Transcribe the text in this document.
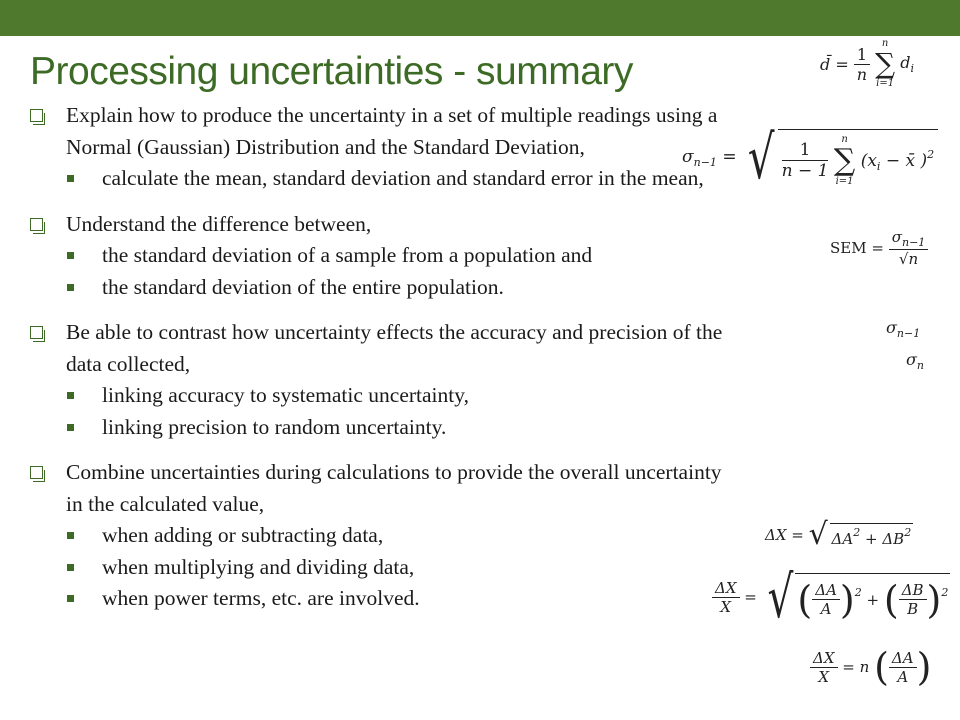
Processing uncertainties - summary
Explain how to produce the uncertainty in a set of multiple readings using a Normal (Gaussian) Distribution and the Standard Deviation,
calculate the mean, standard deviation and standard error in the mean,
Understand the difference between,
the standard deviation of a sample from a population and
the standard deviation of the entire population.
Be able to contrast how uncertainty effects the accuracy and precision of the data collected,
linking accuracy to systematic uncertainty,
linking precision to random uncertainty.
Combine uncertainties during calculations to provide the overall uncertainty in the calculated value,
when adding or subtracting data,
when multiplying and dividing data,
when power terms, etc. are involved.
d̄ = $\frac{1}{n}$

n
∑
i=1
$d_i$
$\sigma_{n-1}$ = √ $\frac{1}{n - 1}$

n
∑
i=1
($x_i$ − x̄ )$^2$
SEM = $\frac{\sigma_{n-1}}{√n}$
$\sigma_{n-1}$
$\sigma_n$
ΔX = √ $\Delta A^2 + \Delta B^2$
$\frac{\Delta X}{X}$ = √ ( $\frac{\Delta A}{A} )^2$ + ( $\frac{\Delta B}{B} )^2$
$\frac{\Delta X}{X} = n$ ( $\frac{\Delta A}{A}$ )
